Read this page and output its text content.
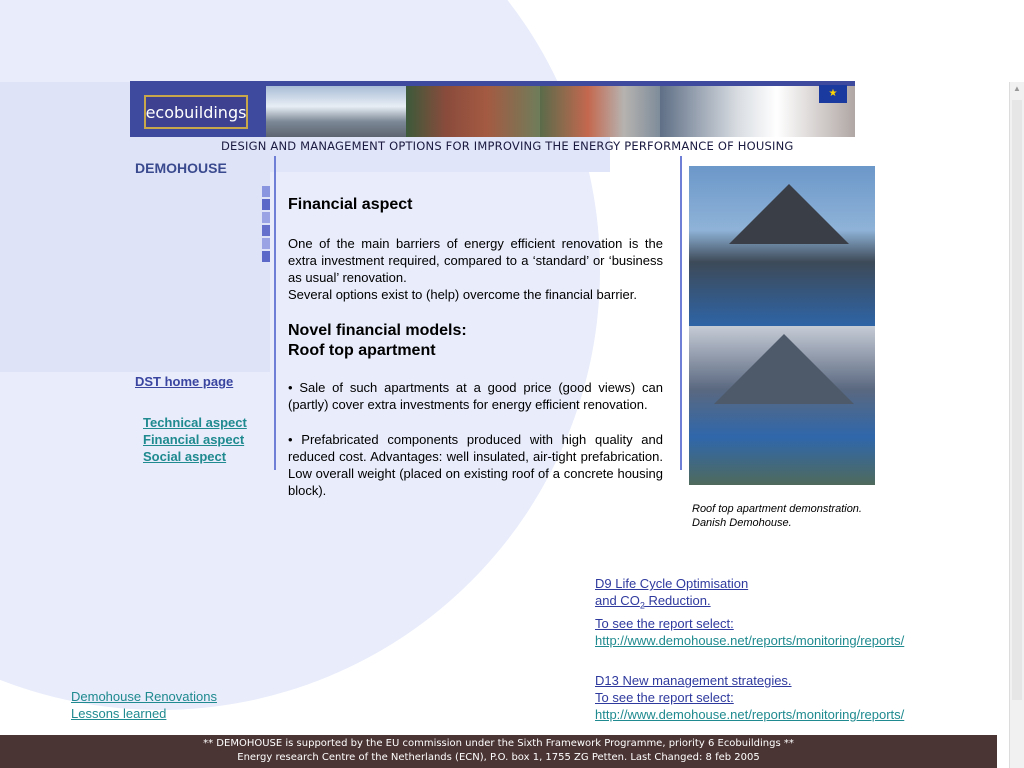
ecobuildings
★
DESIGN AND MANAGEMENT OPTIONS FOR IMPROVING THE ENERGY PERFORMANCE OF HOUSING
DEMOHOUSE
DST home page
Technical aspect
Financial aspect
Social aspect
Financial aspect

One of the main barriers of energy efficient renovation is the extra investment required, compared to a ‘standard’ or ‘business as usual’ renovation.

Several options exist to (help) overcome the financial barrier.

Novel financial models:
Roof top apartment

• Sale of such apartments at a good price (good views) can (partly) cover extra investments for energy efficient renovation.

• Prefabricated components produced with high quality and reduced cost. Advantages: well insulated, air-tight prefabrication. Low overall weight (placed on existing roof of a concrete housing block).

Roof top apartment demonstration.
Danish Demohouse.
D9 Life Cycle Optimisation
and $CO_2$ Reduction.
To see the report select:
http://www.demohouse.net/reports/monitoring/reports/
D13 New management strategies.
To see the report select:
http://www.demohouse.net/reports/monitoring/reports/
Demohouse Renovations
Lessons learned
** DEMOHOUSE is supported by the EU commission under the Sixth Framework Programme, priority 6 Ecobuildings **
Energy research Centre of the Netherlands (ECN), P.O. box 1, 1755 ZG Petten. Last Changed: 8 feb 2005
▲
